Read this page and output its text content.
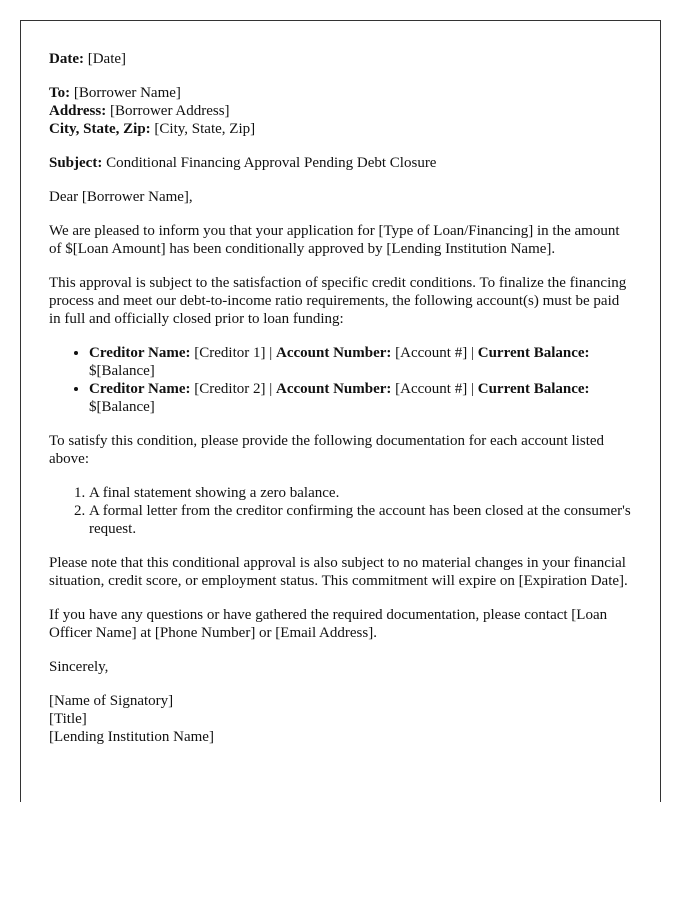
Date: [Date]

To: [Borrower Name]
Address: [Borrower Address]
City, State, Zip: [City, State, Zip]

Subject: Conditional Financing Approval Pending Debt Closure

Dear [Borrower Name],

We are pleased to inform you that your application for [Type of Loan/Financing] in the amount of $[Loan Amount] has been conditionally approved by [Lending Institution Name].

This approval is subject to the satisfaction of specific credit conditions. To finalize the financing process and meet our debt-to-income ratio requirements, the following account(s) must be paid in full and officially closed prior to loan funding:

• Creditor Name: [Creditor 1] | Account Number: [Account #] | Current Balance: $[Balance]
• Creditor Name: [Creditor 2] | Account Number: [Account #] | Current Balance: $[Balance]

To satisfy this condition, please provide the following documentation for each account listed above:

1. A final statement showing a zero balance.
2. A formal letter from the creditor confirming the account has been closed at the consumer's request.

Please note that this conditional approval is also subject to no material changes in your financial situation, credit score, or employment status. This commitment will expire on [Expiration Date].

If you have any questions or have gathered the required documentation, please contact [Loan Officer Name] at [Phone Number] or [Email Address].

Sincerely,

[Name of Signatory]
[Title]
[Lending Institution Name]
